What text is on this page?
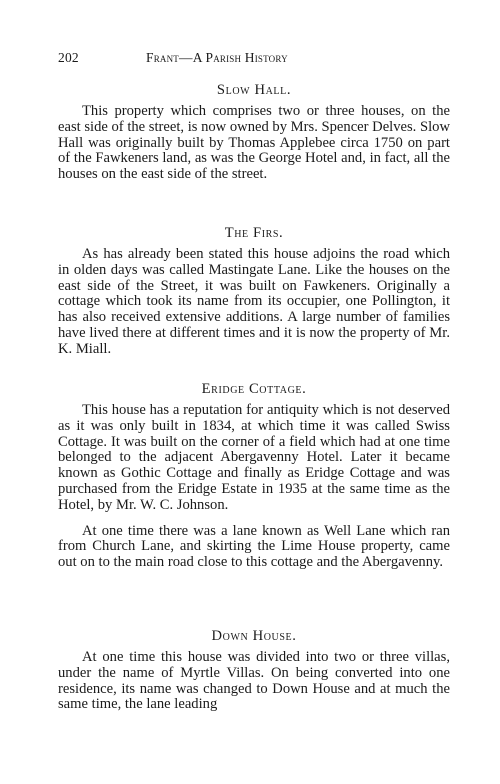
202	Frant—A Parish History
Slow Hall.

This property which comprises two or three houses, on the east side of the street, is now owned by Mrs. Spencer Delves. Slow Hall was originally built by Thomas Applebee circa 1750 on part of the Fawkeners land, as was the George Hotel and, in fact, all the houses on the east side of the street.

The Firs.

As has already been stated this house adjoins the road which in olden days was called Mastingate Lane. Like the houses on the east side of the Street, it was built on Fawkeners. Originally a cottage which took its name from its occupier, one Pollington, it has also received extensive additions. A large number of families have lived there at different times and it is now the property of Mr. K. Miall.

Eridge Cottage.

This house has a reputation for antiquity which is not deserved as it was only built in 1834, at which time it was called Swiss Cottage. It was built on the corner of a field which had at one time belonged to the adjacent Abergavenny Hotel. Later it became known as Gothic Cottage and finally as Eridge Cottage and was purchased from the Eridge Estate in 1935 at the same time as the Hotel, by Mr. W. C. Johnson.

At one time there was a lane known as Well Lane which ran from Church Lane, and skirting the Lime House property, came out on to the main road close to this cottage and the Abergavenny.

Down House.

At one time this house was divided into two or three villas, under the name of Myrtle Villas. On being converted into one residence, its name was changed to Down House and at much the same time, the lane leading
